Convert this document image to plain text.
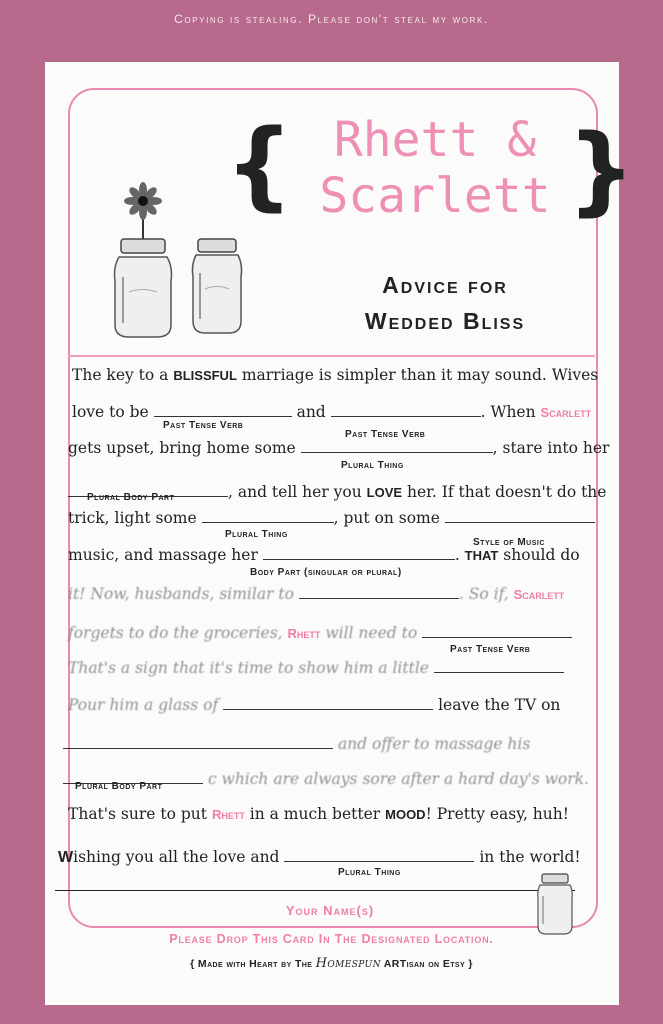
Copying is stealing. Please don't steal my work.
{	}
Rhett &
Scarlett
Advice for
Wedded Bliss
The key to a BLISSFUL marriage is simpler than it may sound. Wives
love to be	and	. When Scarlett
Past Tense Verb
Past Tense Verb
gets upset, bring home some	, stare into her
Plural Thing
, and tell her you LOVE her. If that doesn't do the
Plural Body Part
trick, light some	, put on some
Plural Thing
Style of Music
music, and massage her	. THAT should do
Body Part (singular or plural)
it! Now, husbands, similar to	. So if, Scarlett
forgets to do the groceries, Rhett will need to
Past Tense Verb
That's a sign that it's time to show him a little
Pour him a glass of	leave the TV on
and offer to massage his
c which are always sore after a hard day's work.
Plural Body Part
That's sure to put Rhett in a much better MOOD! Pretty easy, huh!
Wishing you all the love and	in the world!
Plural Thing
Your Name(s)
Please Drop This Card In The Designated Location.
{ Made with Heart by The Homespun ARTisan on Etsy }
